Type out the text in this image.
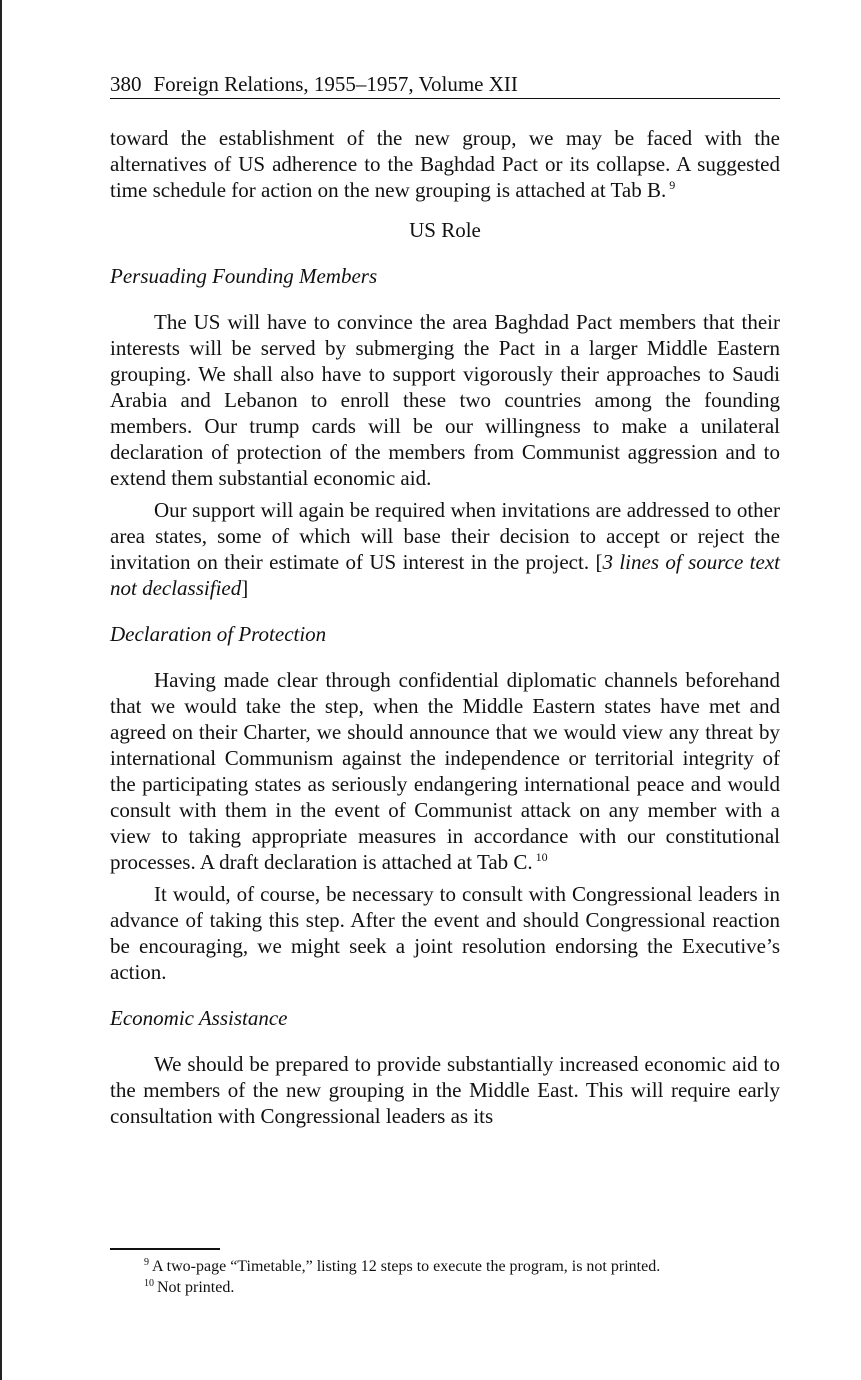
380 Foreign Relations, 1955–1957, Volume XII

toward the establishment of the new group, we may be faced with the alternatives of US adherence to the Baghdad Pact or its collapse. A suggested time schedule for action on the new grouping is attached at Tab B. $^9$

US Role
Persuading Founding Members

The US will have to convince the area Baghdad Pact members that their interests will be served by submerging the Pact in a larger Middle Eastern grouping. We shall also have to support vigorously their approaches to Saudi Arabia and Lebanon to enroll these two countries among the founding members. Our trump cards will be our willingness to make a unilateral declaration of protection of the members from Communist aggression and to extend them substantial economic aid.

Our support will again be required when invitations are addressed to other area states, some of which will base their decision to accept or reject the invitation on their estimate of US interest in the project. [3 lines of source text not declassified]

Declaration of Protection

Having made clear through confidential diplomatic channels beforehand that we would take the step, when the Middle Eastern states have met and agreed on their Charter, we should announce that we would view any threat by international Communism against the independence or territorial integrity of the participating states as seriously endangering international peace and would consult with them in the event of Communist attack on any member with a view to taking appropriate measures in accordance with our constitutional processes. A draft declaration is attached at Tab C. $^{10}$

It would, of course, be necessary to consult with Congressional leaders in advance of taking this step. After the event and should Congressional reaction be encouraging, we might seek a joint resolution endorsing the Executive’s action.

Economic Assistance

We should be prepared to provide substantially increased economic aid to the members of the new grouping in the Middle East. This will require early consultation with Congressional leaders as its

$^9$ A two-page “Timetable,” listing 12 steps to execute the program, is not printed.
$^{10}$ Not printed.
